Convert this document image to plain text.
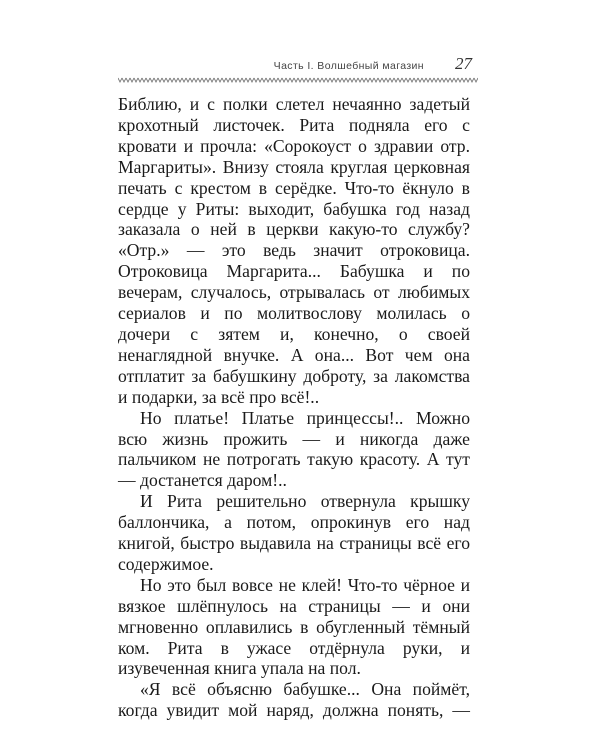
Часть I. Волшебный магазин 27

Библию, и с полки слетел нечаянно задетый крохотный листочек. Рита подняла его с кровати и прочла: «Сорокоуст о здравии отр. Маргариты». Внизу стояла круглая церковная печать с крестом в серёдке. Что-то ёкнуло в сердце у Риты: выходит, бабушка год назад заказала о ней в церкви какую-то службу? «Отр.» — это ведь значит отроковица. Отроковица Маргарита... Бабушка и по вечерам, случалось, отрывалась от любимых сериалов и по молитвослову молилась о дочери с зятем и, конечно, о своей ненаглядной внучке. А она... Вот чем она отплатит за бабушкину доброту, за лакомства и подарки, за всё про всё!..

Но платье! Платье принцессы!.. Можно всю жизнь прожить — и никогда даже пальчиком не потрогать такую красоту. А тут — достанется даром!..

И Рита решительно отвернула крышку баллончика, а потом, опрокинув его над книгой, быстро выдавила на страницы всё его содержимое.

Но это был вовсе не клей! Что-то чёрное и вязкое шлёпнулось на страницы — и они мгновенно оплавились в обугленный тёмный ком. Рита в ужасе отдёрнула руки, и изувеченная книга упала на пол.

«Я всё объясню бабушке... Она поймёт, когда увидит мой наряд, должна понять, —
